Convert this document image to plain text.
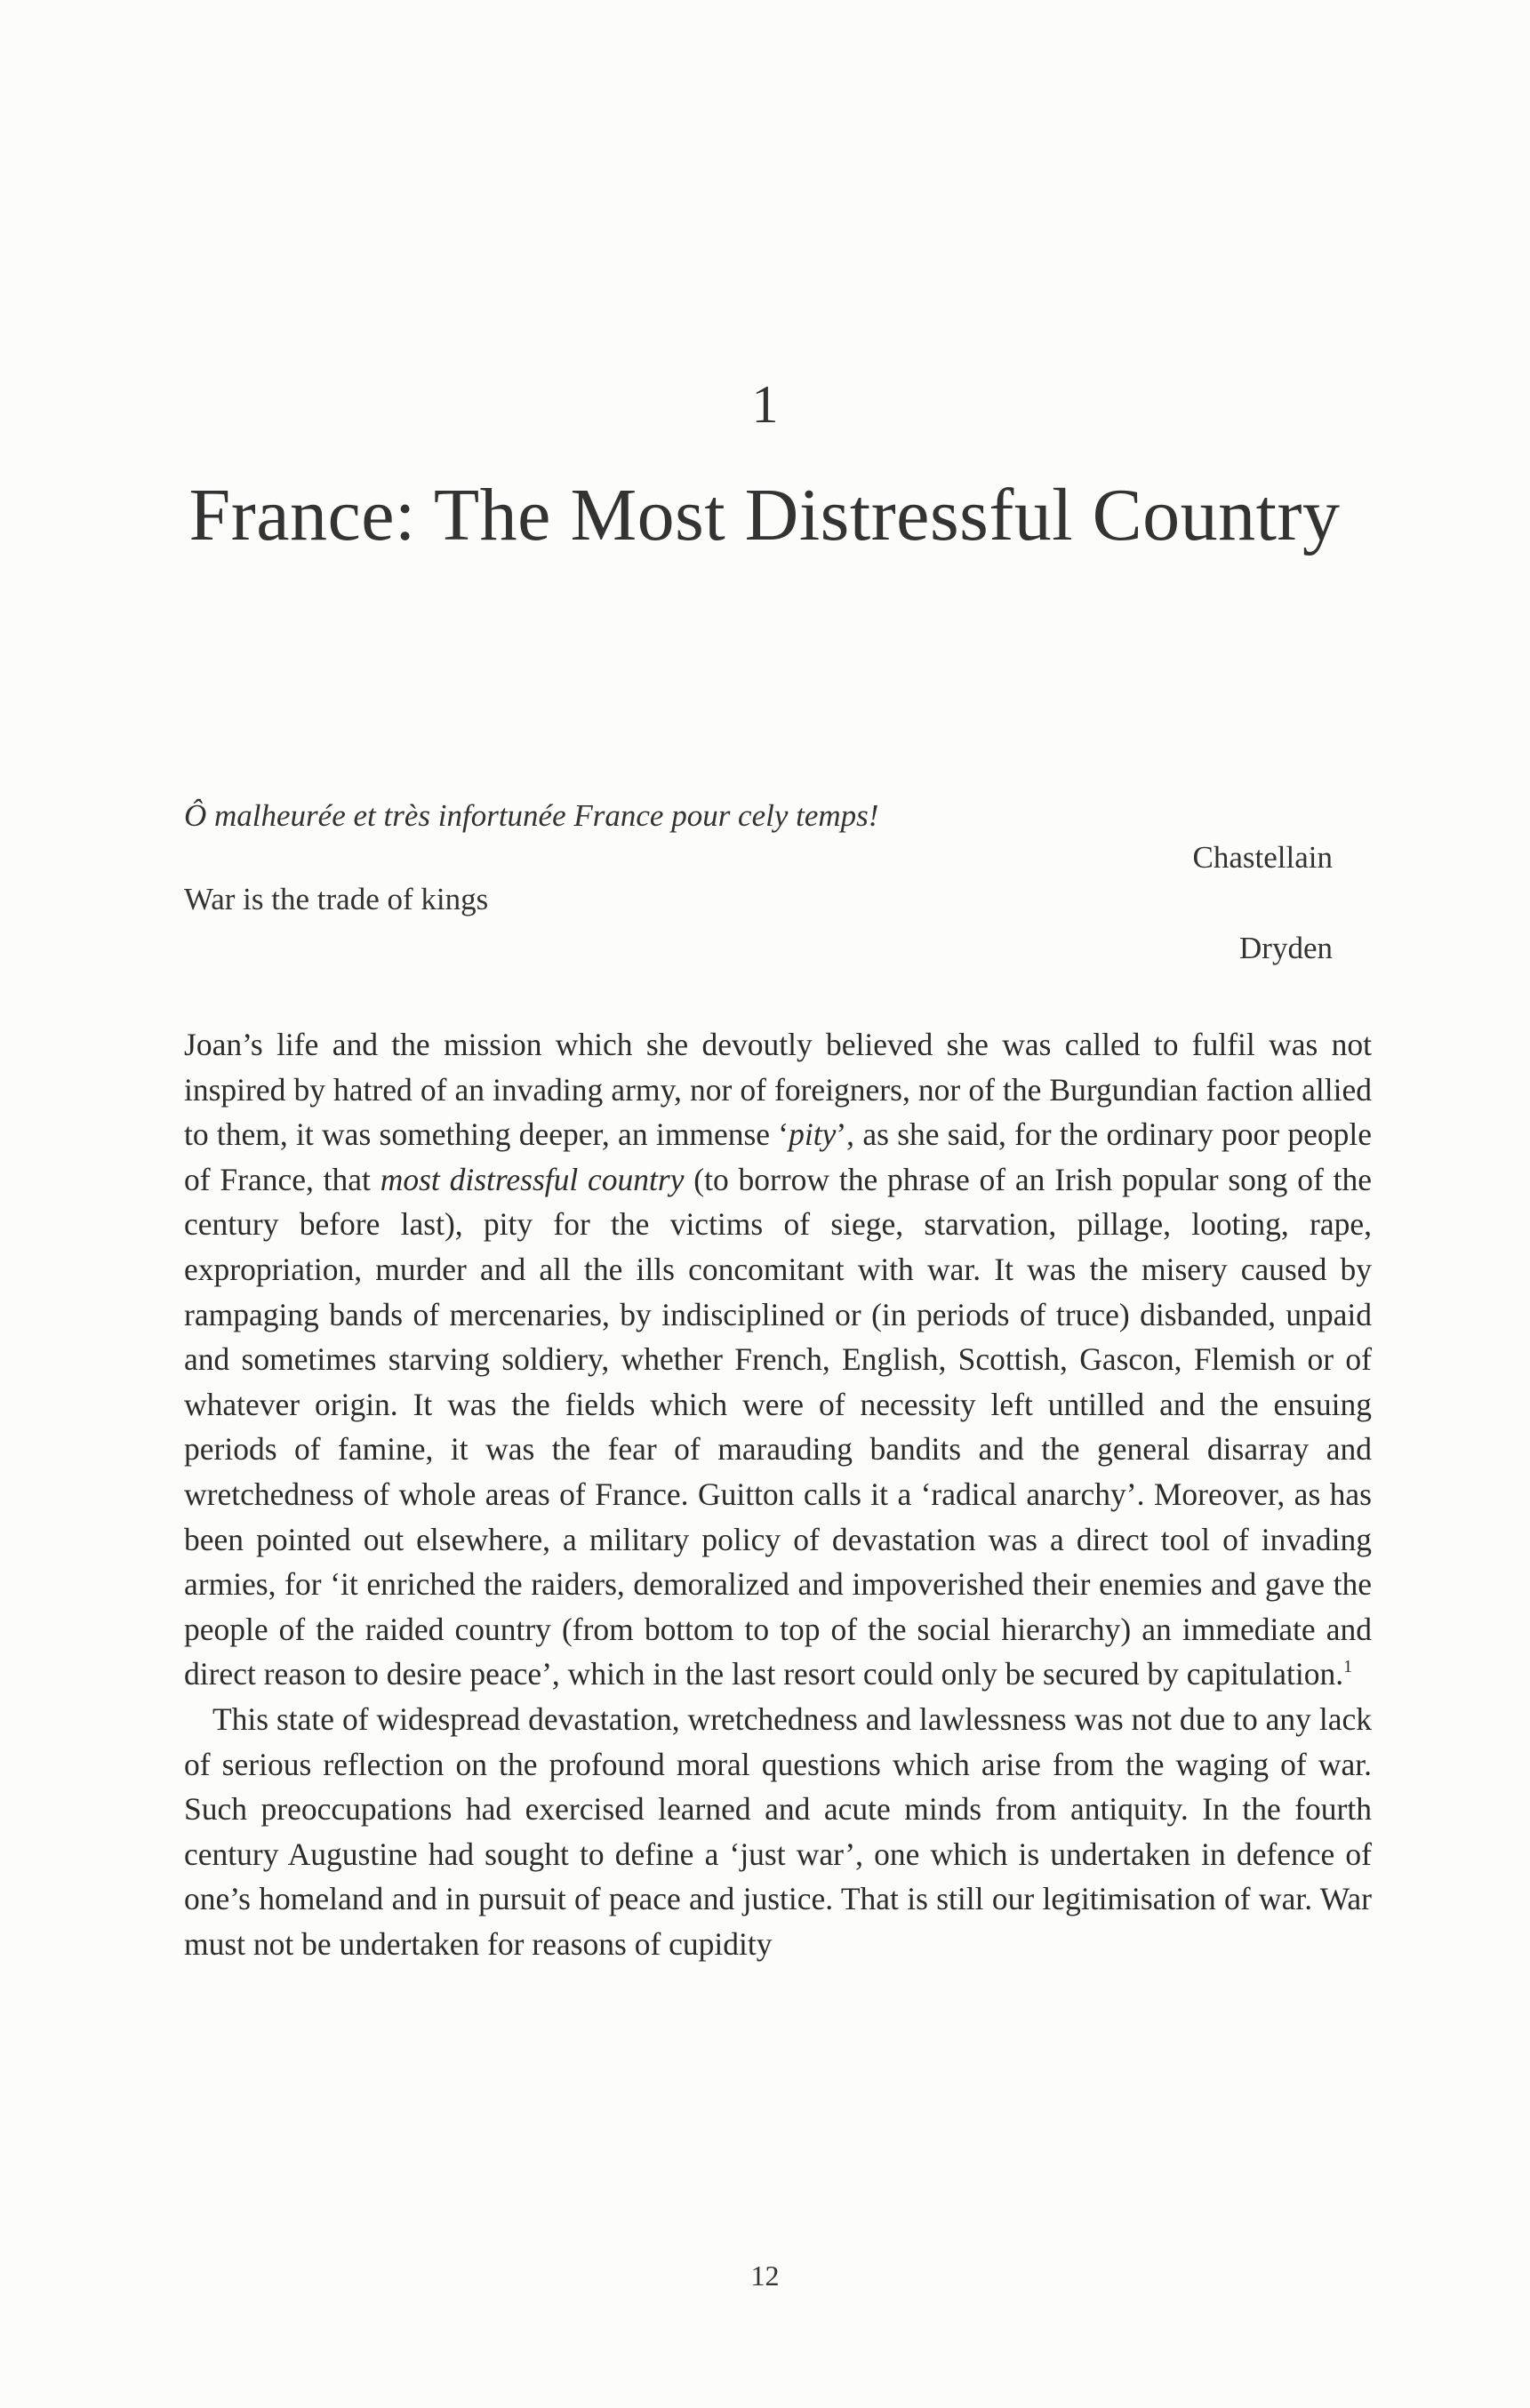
1
France: The Most Distressful Country
Ô malheurée et très infortunée France pour cely temps!
Chastellain
War is the trade of kings
Dryden

Joan’s life and the mission which she devoutly believed she was called to fulfil was not inspired by hatred of an invading army, nor of foreigners, nor of the Burgundian faction allied to them, it was something deeper, an immense ‘pity’, as she said, for the ordinary poor people of France, that most distressful country (to borrow the phrase of an Irish popular song of the century before last), pity for the victims of siege, starvation, pillage, looting, rape, expropriation, murder and all the ills concomitant with war. It was the misery caused by rampaging bands of mercenaries, by indisciplined or (in periods of truce) disbanded, unpaid and sometimes starving soldiery, whether French, English, Scottish, Gascon, Flemish or of whatever origin. It was the fields which were of necessity left untilled and the ensuing periods of famine, it was the fear of marauding bandits and the general disarray and wretchedness of whole areas of France. Guitton calls it a ‘radical anarchy’. Moreover, as has been pointed out elsewhere, a military policy of devastation was a direct tool of invading armies, for ‘it enriched the raiders, demoralized and impoverished their enemies and gave the people of the raided country (from bottom to top of the social hierarchy) an immediate and direct reason to desire peace’, which in the last resort could only be secured by capitulation.$^1$

This state of widespread devastation, wretchedness and lawlessness was not due to any lack of serious reflection on the profound moral questions which arise from the waging of war. Such preoccupations had exercised learned and acute minds from antiquity. In the fourth century Augustine had sought to define a ‘just war’, one which is undertaken in defence of one’s homeland and in pursuit of peace and justice. That is still our legitimisation of war. War must not be undertaken for reasons of cupidity

12
